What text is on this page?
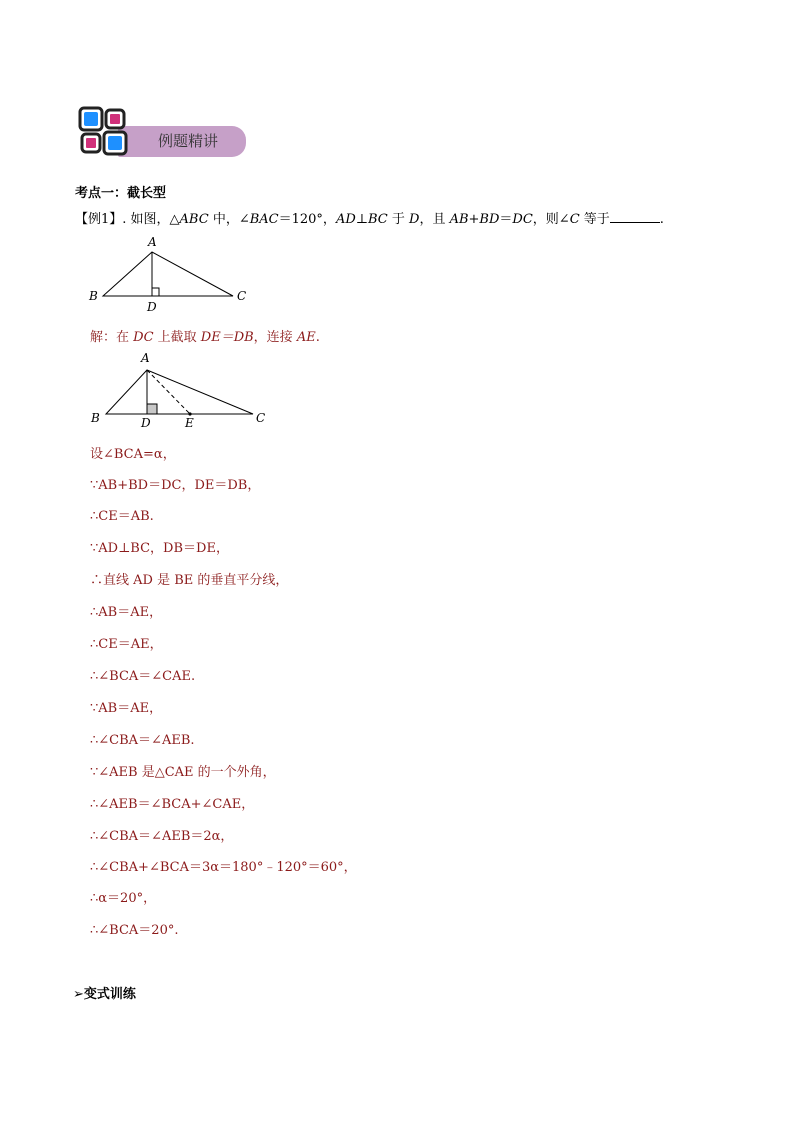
例题精讲
考点一：截长型
【例1】. 如图，△ABC 中，∠BAC＝120°，AD⊥BC 于 D，且 AB+BD＝DC，则∠C 等于	.
A
B	C
D
解：在 DC 上截取 DE＝DB，连接 AE.
A
B	C
D	E
设∠BCA=α，
∵AB+BD＝DC，DE＝DB，
∴CE＝AB.
∵AD⊥BC，DB＝DE，
∴直线 AD 是 BE 的垂直平分线，
∴AB＝AE，
∴CE＝AE，
∴∠BCA＝∠CAE.
∵AB＝AE，
∴∠CBA＝∠AEB.
∵∠AEB 是△CAE 的一个外角，
∴∠AEB＝∠BCA+∠CAE，
∴∠CBA＝∠AEB＝2α，
∴∠CBA+∠BCA＝3α＝180°﹣120°＝60°，
∴α＝20°，
∴∠BCA＝20°.
➢变式训练
